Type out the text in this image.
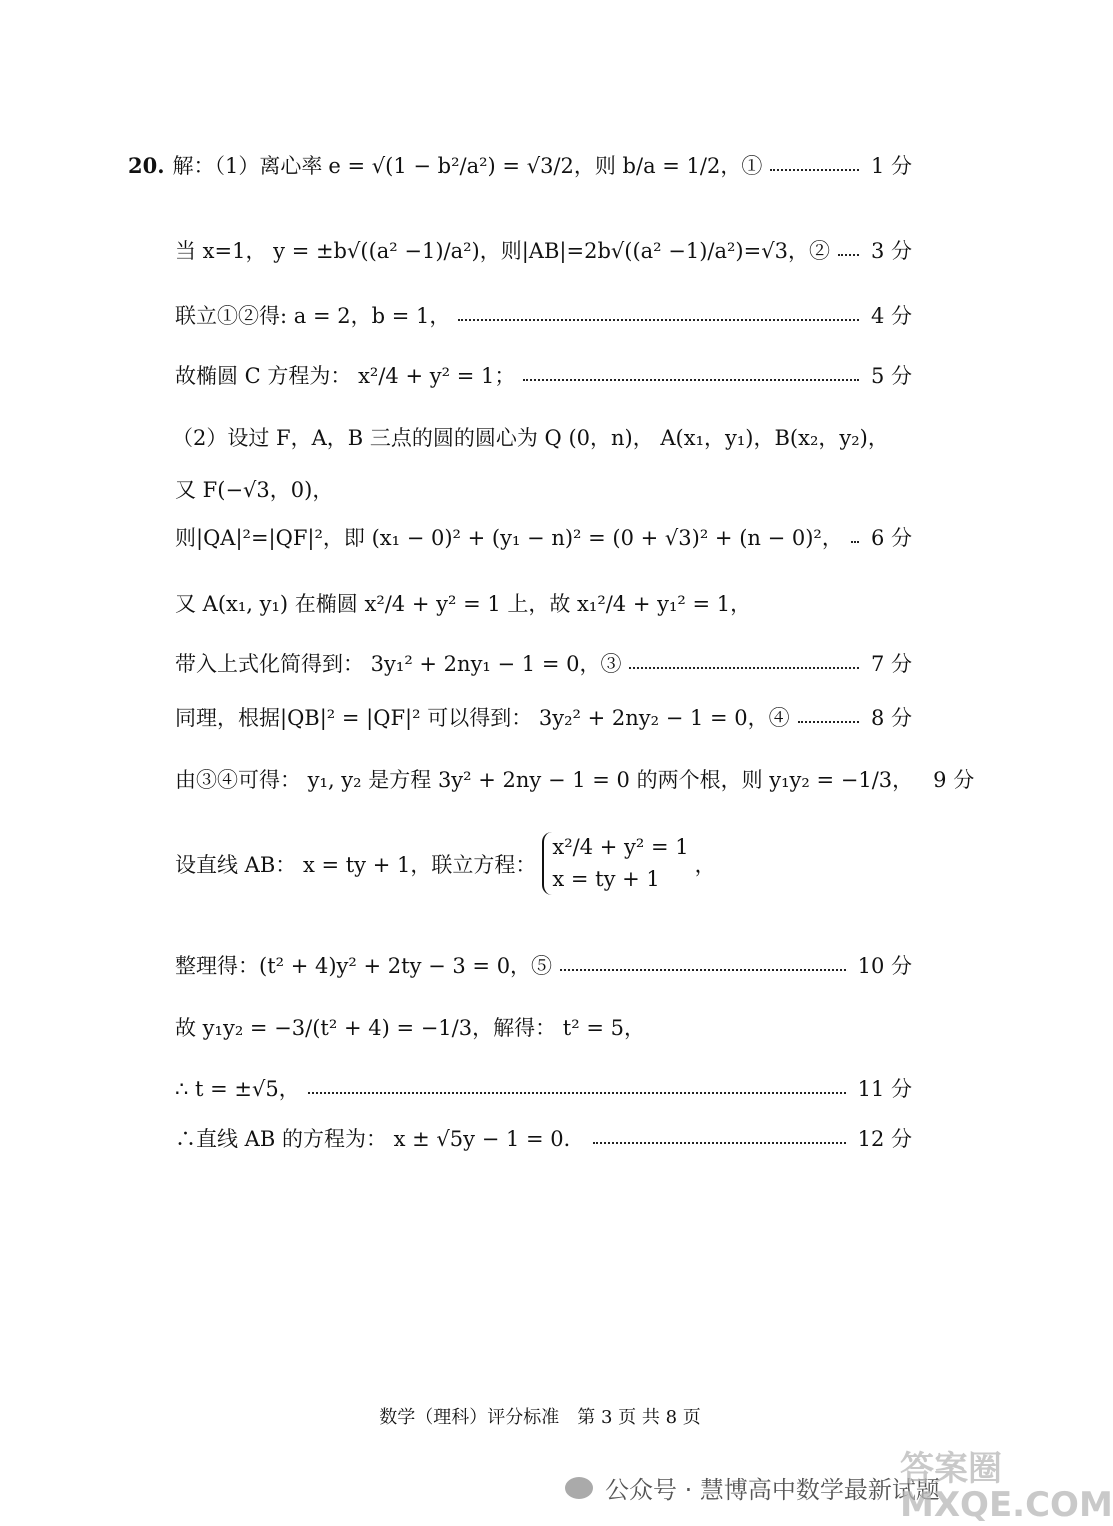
20. 解：（1）离心率 e = √(1 − b²/a²) = √3/2，则 b/a = 1/2，①	1 分
当 x=1， y = ±b√((a² −1)/a²)，则|AB|=2b√((a² −1)/a²)=√3，② 3 分
联立①②得: a = 2，b = 1，	4 分
故椭圆 C 方程为： x²/4 + y² = 1；	5 分
（2）设过 F，A，B 三点的圆的圆心为 Q (0，n)， A(x₁，y₁)，B(x₂，y₂)，
又 F(−√3，0)，
则|QA|²=|QF|²，即 (x₁ − 0)² + (y₁ − n)² = (0 + √3)² + (n − 0)²， 6 分
又 A(x₁, y₁) 在椭圆 x²/4 + y² = 1 上，故 x₁²/4 + y₁² = 1，
带入上式化简得到： 3y₁² + 2ny₁ − 1 = 0，③	7 分
同理，根据|QB|² = |QF|² 可以得到： 3y₂² + 2ny₂ − 1 = 0，④	8 分
由③④可得： y₁, y₂ 是方程 3y² + 2ny − 1 = 0 的两个根，则 y₁y₂ = −1/3， 9 分
设直线 AB： x = ty + 1，联立方程：
x²/4 + y² = 1
x = ty + 1
，
整理得：(t² + 4)y² + 2ty − 3 = 0，⑤	10 分
故 y₁y₂ = −3/(t² + 4) = −1/3，解得： t² = 5，
∴ t = ±√5，	11 分
∴直线 AB 的方程为： x ± √5y − 1 = 0．	12 分
数学（理科）评分标准　第 3 页 共 8 页
公众号 · 慧博高中数学最新试题
答案圈
MXQE.COM
